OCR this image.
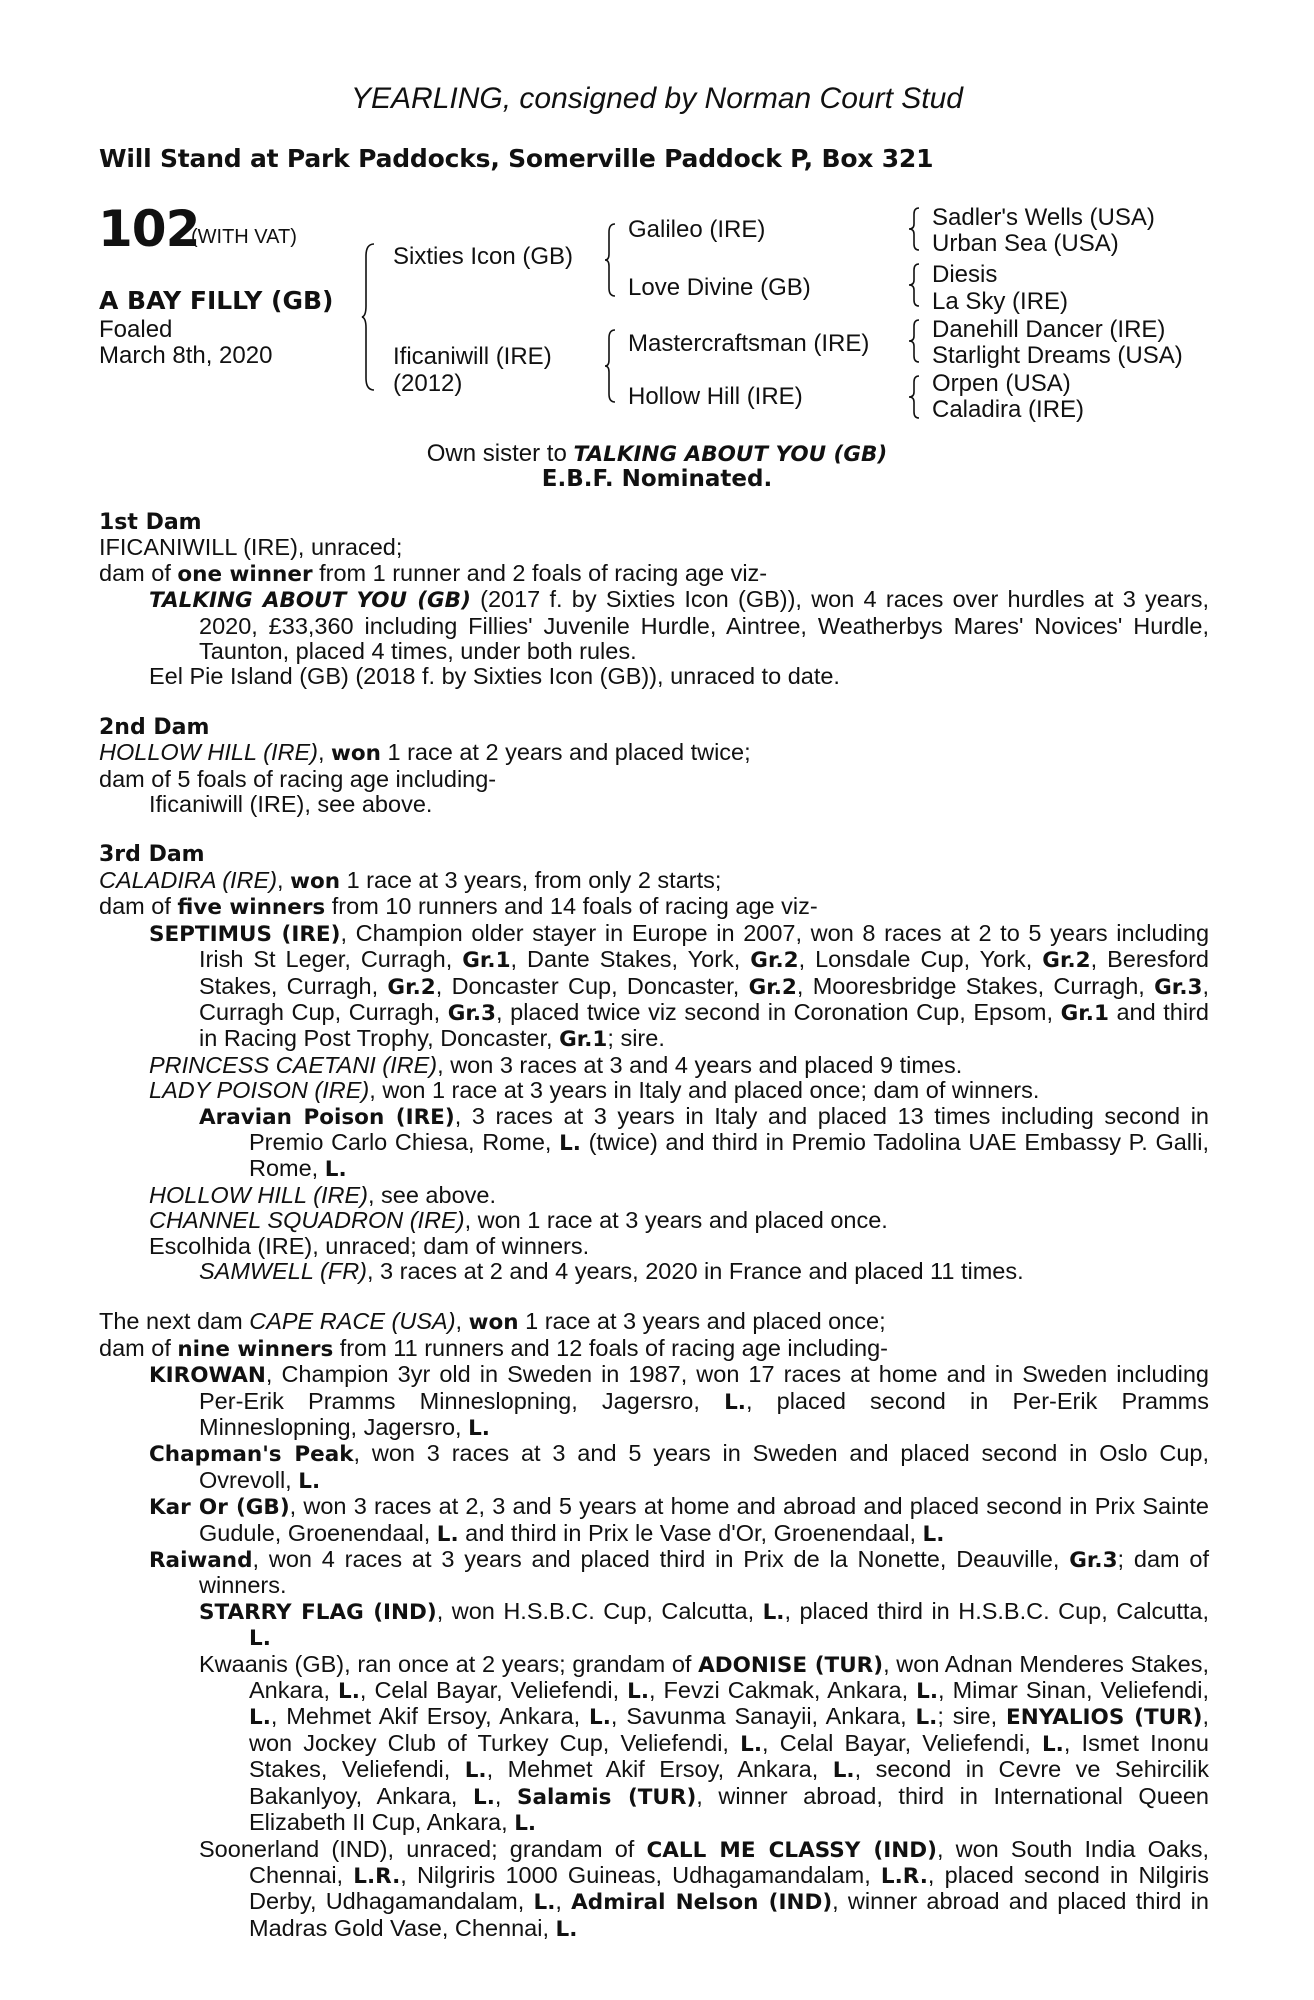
YEARLING, consigned by Norman Court Stud
Will Stand at Park Paddocks, Somerville Paddock P, Box 321
102
(WITH VAT)
A BAY FILLY (GB)
Foaled
March 8th, 2020
Sixties Icon (GB)
Ificaniwill (IRE)
(2012)
Galileo (IRE)
Love Divine (GB)
Mastercraftsman (IRE)
Hollow Hill (IRE)
Sadler's Wells (USA)
Urban Sea (USA)
Diesis
La Sky (IRE)
Danehill Dancer (IRE)
Starlight Dreams (USA)
Orpen (USA)
Caladira (IRE)
Own sister to TALKING ABOUT YOU (GB)
E.B.F. Nominated.

1st Dam

IFICANIWILL (IRE), unraced;

dam of one winner from 1 runner and 2 foals of racing age viz-

TALKING ABOUT YOU (GB) (2017 f. by Sixties Icon (GB)), won 4 races over hurdles at 3 years, 2020, £33,360 including Fillies' Juvenile Hurdle, Aintree, Weatherbys Mares' Novices' Hurdle, Taunton, placed 4 times, under both rules.

Eel Pie Island (GB) (2018 f. by Sixties Icon (GB)), unraced to date.

2nd Dam

HOLLOW HILL (IRE), won 1 race at 2 years and placed twice;

dam of 5 foals of racing age including-

Ificaniwill (IRE), see above.

3rd Dam

CALADIRA (IRE), won 1 race at 3 years, from only 2 starts;

dam of five winners from 10 runners and 14 foals of racing age viz-

SEPTIMUS (IRE), Champion older stayer in Europe in 2007, won 8 races at 2 to 5 years including Irish St Leger, Curragh, Gr.1, Dante Stakes, York, Gr.2, Lonsdale Cup, York, Gr.2, Beresford Stakes, Curragh, Gr.2, Doncaster Cup, Doncaster, Gr.2, Mooresbridge Stakes, Curragh, Gr.3, Curragh Cup, Curragh, Gr.3, placed twice viz second in Coronation Cup, Epsom, Gr.1 and third in Racing Post Trophy, Doncaster, Gr.1; sire.

PRINCESS CAETANI (IRE), won 3 races at 3 and 4 years and placed 9 times.

LADY POISON (IRE), won 1 race at 3 years in Italy and placed once; dam of winners.

Aravian Poison (IRE), 3 races at 3 years in Italy and placed 13 times including second in Premio Carlo Chiesa, Rome, L. (twice) and third in Premio Tadolina UAE Embassy P. Galli, Rome, L.

HOLLOW HILL (IRE), see above.

CHANNEL SQUADRON (IRE), won 1 race at 3 years and placed once.

Escolhida (IRE), unraced; dam of winners.

SAMWELL (FR), 3 races at 2 and 4 years, 2020 in France and placed 11 times.

The next dam CAPE RACE (USA), won 1 race at 3 years and placed once;

dam of nine winners from 11 runners and 12 foals of racing age including-

KIROWAN, Champion 3yr old in Sweden in 1987, won 17 races at home and in Sweden including Per-Erik Pramms Minneslopning, Jagersro, L., placed second in Per-Erik Pramms Minneslopning, Jagersro, L.

Chapman's Peak, won 3 races at 3 and 5 years in Sweden and placed second in Oslo Cup, Ovrevoll, L.

Kar Or (GB), won 3 races at 2, 3 and 5 years at home and abroad and placed second in Prix Sainte Gudule, Groenendaal, L. and third in Prix le Vase d'Or, Groenendaal, L.

Raiwand, won 4 races at 3 years and placed third in Prix de la Nonette, Deauville, Gr.3; dam of winners.

STARRY FLAG (IND), won H.S.B.C. Cup, Calcutta, L., placed third in H.S.B.C. Cup, Calcutta, L.

Kwaanis (GB), ran once at 2 years; grandam of ADONISE (TUR), won Adnan Menderes Stakes, Ankara, L., Celal Bayar, Veliefendi, L., Fevzi Cakmak, Ankara, L., Mimar Sinan, Veliefendi, L., Mehmet Akif Ersoy, Ankara, L., Savunma Sanayii, Ankara, L.; sire, ENYALIOS (TUR), won Jockey Club of Turkey Cup, Veliefendi, L., Celal Bayar, Veliefendi, L., Ismet Inonu Stakes, Veliefendi, L., Mehmet Akif Ersoy, Ankara, L., second in Cevre ve Sehircilik Bakanlyoy, Ankara, L., Salamis (TUR), winner abroad, third in International Queen Elizabeth II Cup, Ankara, L.

Soonerland (IND), unraced; grandam of CALL ME CLASSY (IND), won South India Oaks, Chennai, L.R., Nilgriris 1000 Guineas, Udhagamandalam, L.R., placed second in Nilgiris Derby, Udhagamandalam, L., Admiral Nelson (IND), winner abroad and placed third in Madras Gold Vase, Chennai, L.
